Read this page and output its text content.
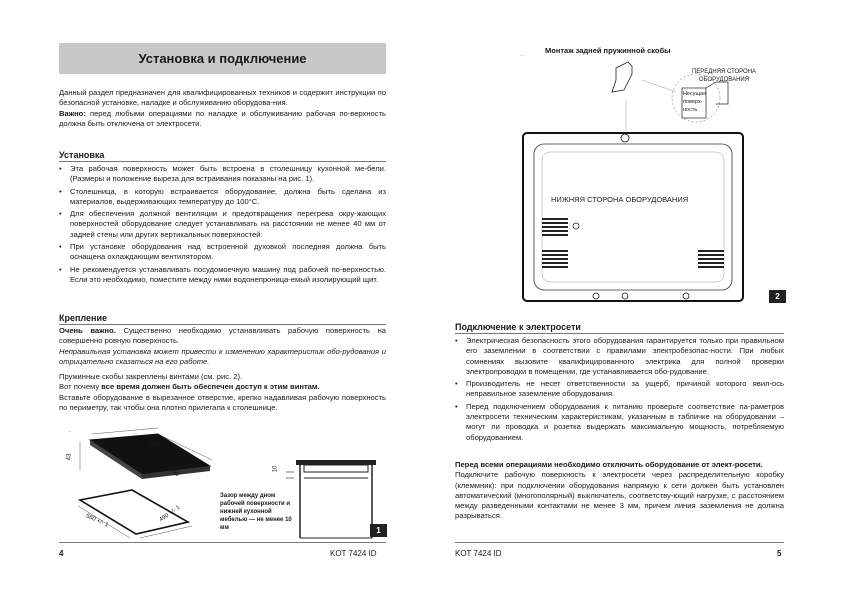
Установка и подключение
Данный раздел предназначен для квалифицированных техников и содержит инструкции по безопасной установке, наладке и обслуживанию оборудова-ния.
Важно: перед любыми операциями по наладке и обслуживанию рабочая по-верхность должна быть отключена от электросети.
Установка
• Эта рабочая поверхность может быть встроена в столешницу кухонной ме-бели. (Размеры и положение выреза для встраивания показаны на рис. 1).
• Столешница, в которую встраивается оборудование, должна быть сделана из материалов, выдерживающих температуру до 100°С.
• Для обеспечения должной вентиляции и предотвращения перегрева окру-жающих поверхностей оборудование следует устанавливать на расстоянии не менее 40 мм от задней стены или других вертикальных поверхностей.
• При установке оборудования над встроенной духовкой последняя должна быть оснащена охлаждающим вентилятором.
• Не рекомендуется устанавливать посудомоечную машину под рабочей по-верхностью. Если это необходимо, поместите между ними водонепроница-емый изолирующий щит.
Крепление
Очень важно. Существенно необходимо устанавливать рабочую поверхность на совершенно ровную поверхность.
Неправильная установка может привести к изменению характеристик обо-рудования и отрицательно сказаться на его работе.
Пружинные скобы закреплены винтами (см. рис. 2).
Вот почему все время должен быть обеспечен доступ к этим винтам.
Вставьте оборудование в вырезанное отверстие, крепко надавливая рабочую поверхность по периметру, так чтобы она плотно прилегала к столешнице.
.
560
490
43
560 +/- 1	490 +/- 1
10
Зазор между дном рабочей поверхности и нижней кухонной мебелью — не менее 10 мм	1
4	KOT 7424 ID
Монтаж задней пружинной скобы
.
ПЕРЕДНЯЯ СТОРОНА ОБОРУДОВАНИЯ
Несущая поверх-ность
НИЖНЯЯ СТОРОНА ОБОРУДОВАНИЯ
2
Подключение к электросети
• Электрическая безопасность этого оборудования гарантируется только при правильном его заземлении в соответствии с правилами электробезопас-ности. При любых сомнениях вызовите квалифицированного электрика для полной проверки электропроводки в помещении, где устанавливается обо-рудование.
• Производитель не несет ответственности за ущерб, причиной которого явил-ось неправильное заземление оборудования.
• Перед подключением оборудования к питанию проверьте соответствие па-раметров электросети техническим характеристикам, указанным в табличке на оборудовании – могут ли проводка и розетка выдержать максимальную мощность, потребляемую оборудованием.
Перед всеми операциями необходимо отключить оборудование от элект-росети.
Подключите рабочую поверхность к электросети через распределительную коробку (клеммник): при подключении оборудования напрямую к сети должен быть установлен автоматический (многополярный) выключатель, соответству-ющий нагрузке, с расстоянием между разведенными контактами не менее 3 мм, причем линия заземления не должна разрываться.
KOT 7424 ID	5
